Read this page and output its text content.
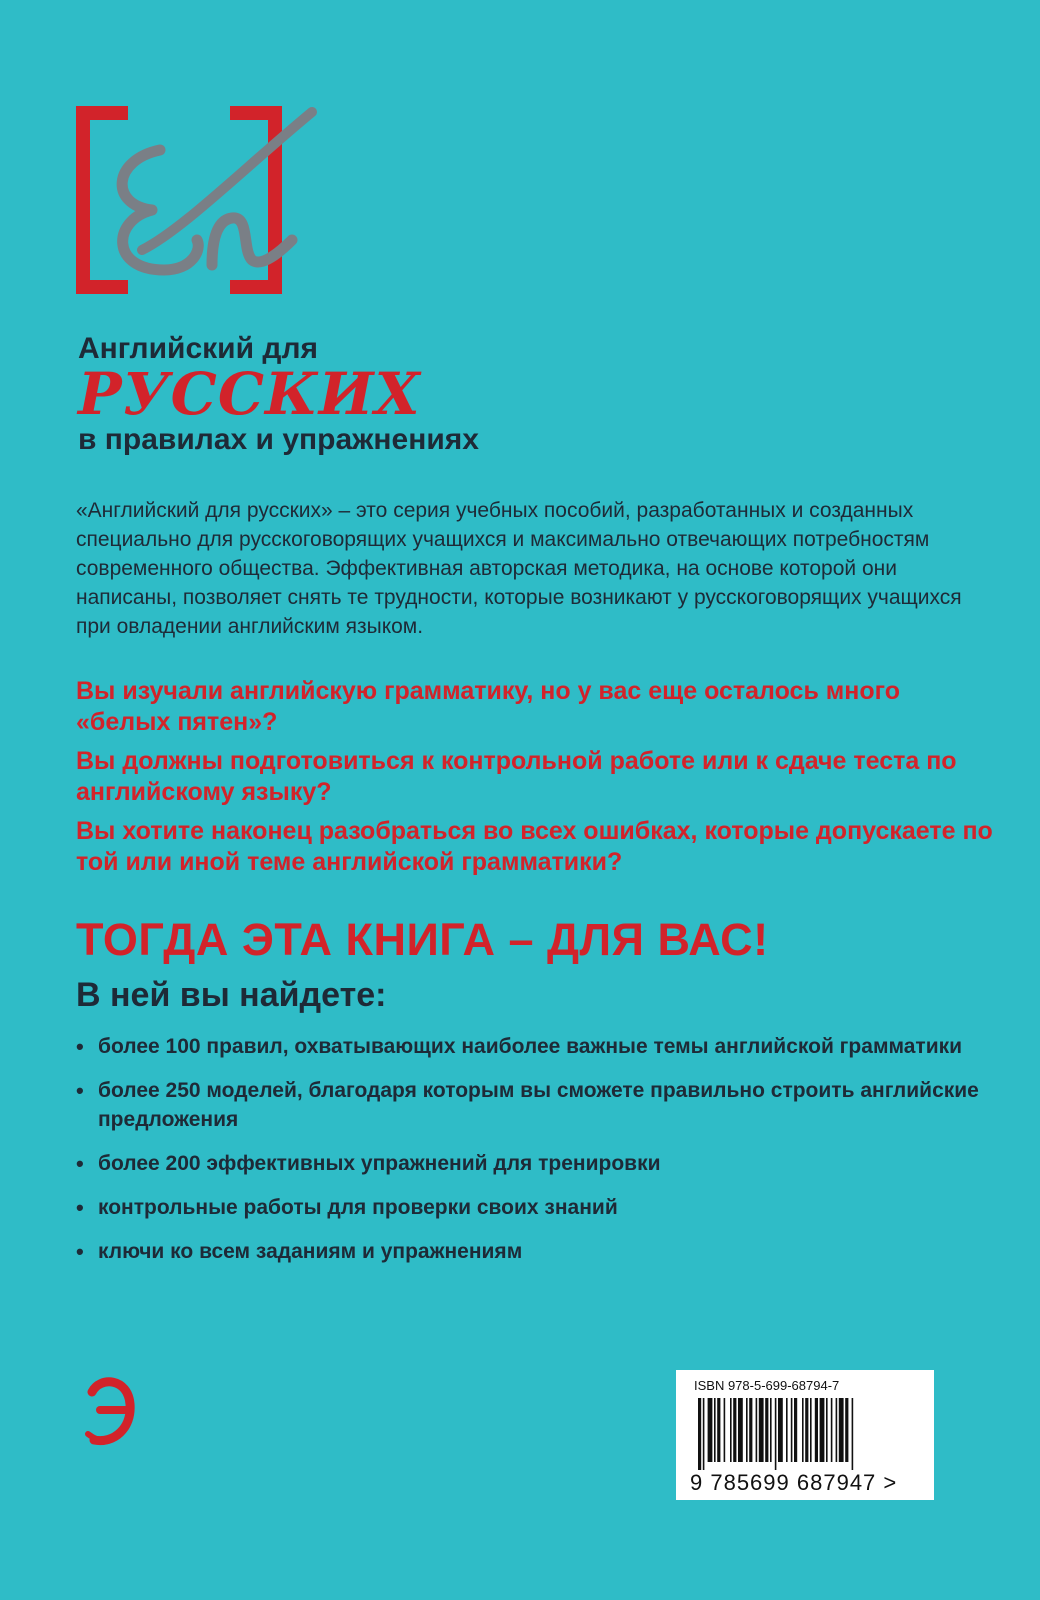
Английский для

РУССКИХ

в правилах и упражнениях

«Английский для русских» – это серия учебных пособий, разработанных и созданных специально для русскоговорящих учащихся и максимально отвечающих потребностям современного общества. Эффективная авторская методика, на основе которой они написаны, позволяет снять те трудности, которые возникают у русскоговорящих учащихся при овладении английским языком.

Вы изучали английскую грамматику, но у вас еще осталось много «белых пятен»?

Вы должны подготовиться к контрольной работе или к сдаче теста по английскому языку?

Вы хотите наконец разобраться во всех ошибках, которые допускаете по той или иной теме английской грамматики?

ТОГДА ЭТА КНИГА – ДЛЯ ВАС!

В ней вы найдете:

• более 100 правил, охватывающих наиболее важные темы английской грамматики
• более 250 моделей, благодаря которым вы сможете правильно строить английские предложения
• более 200 эффективных упражнений для тренировки
• контрольные работы для проверки своих знаний
• ключи ко всем заданиям и упражнениям
ISBN 978-5-699-68794-7
9 785699 687947 >
